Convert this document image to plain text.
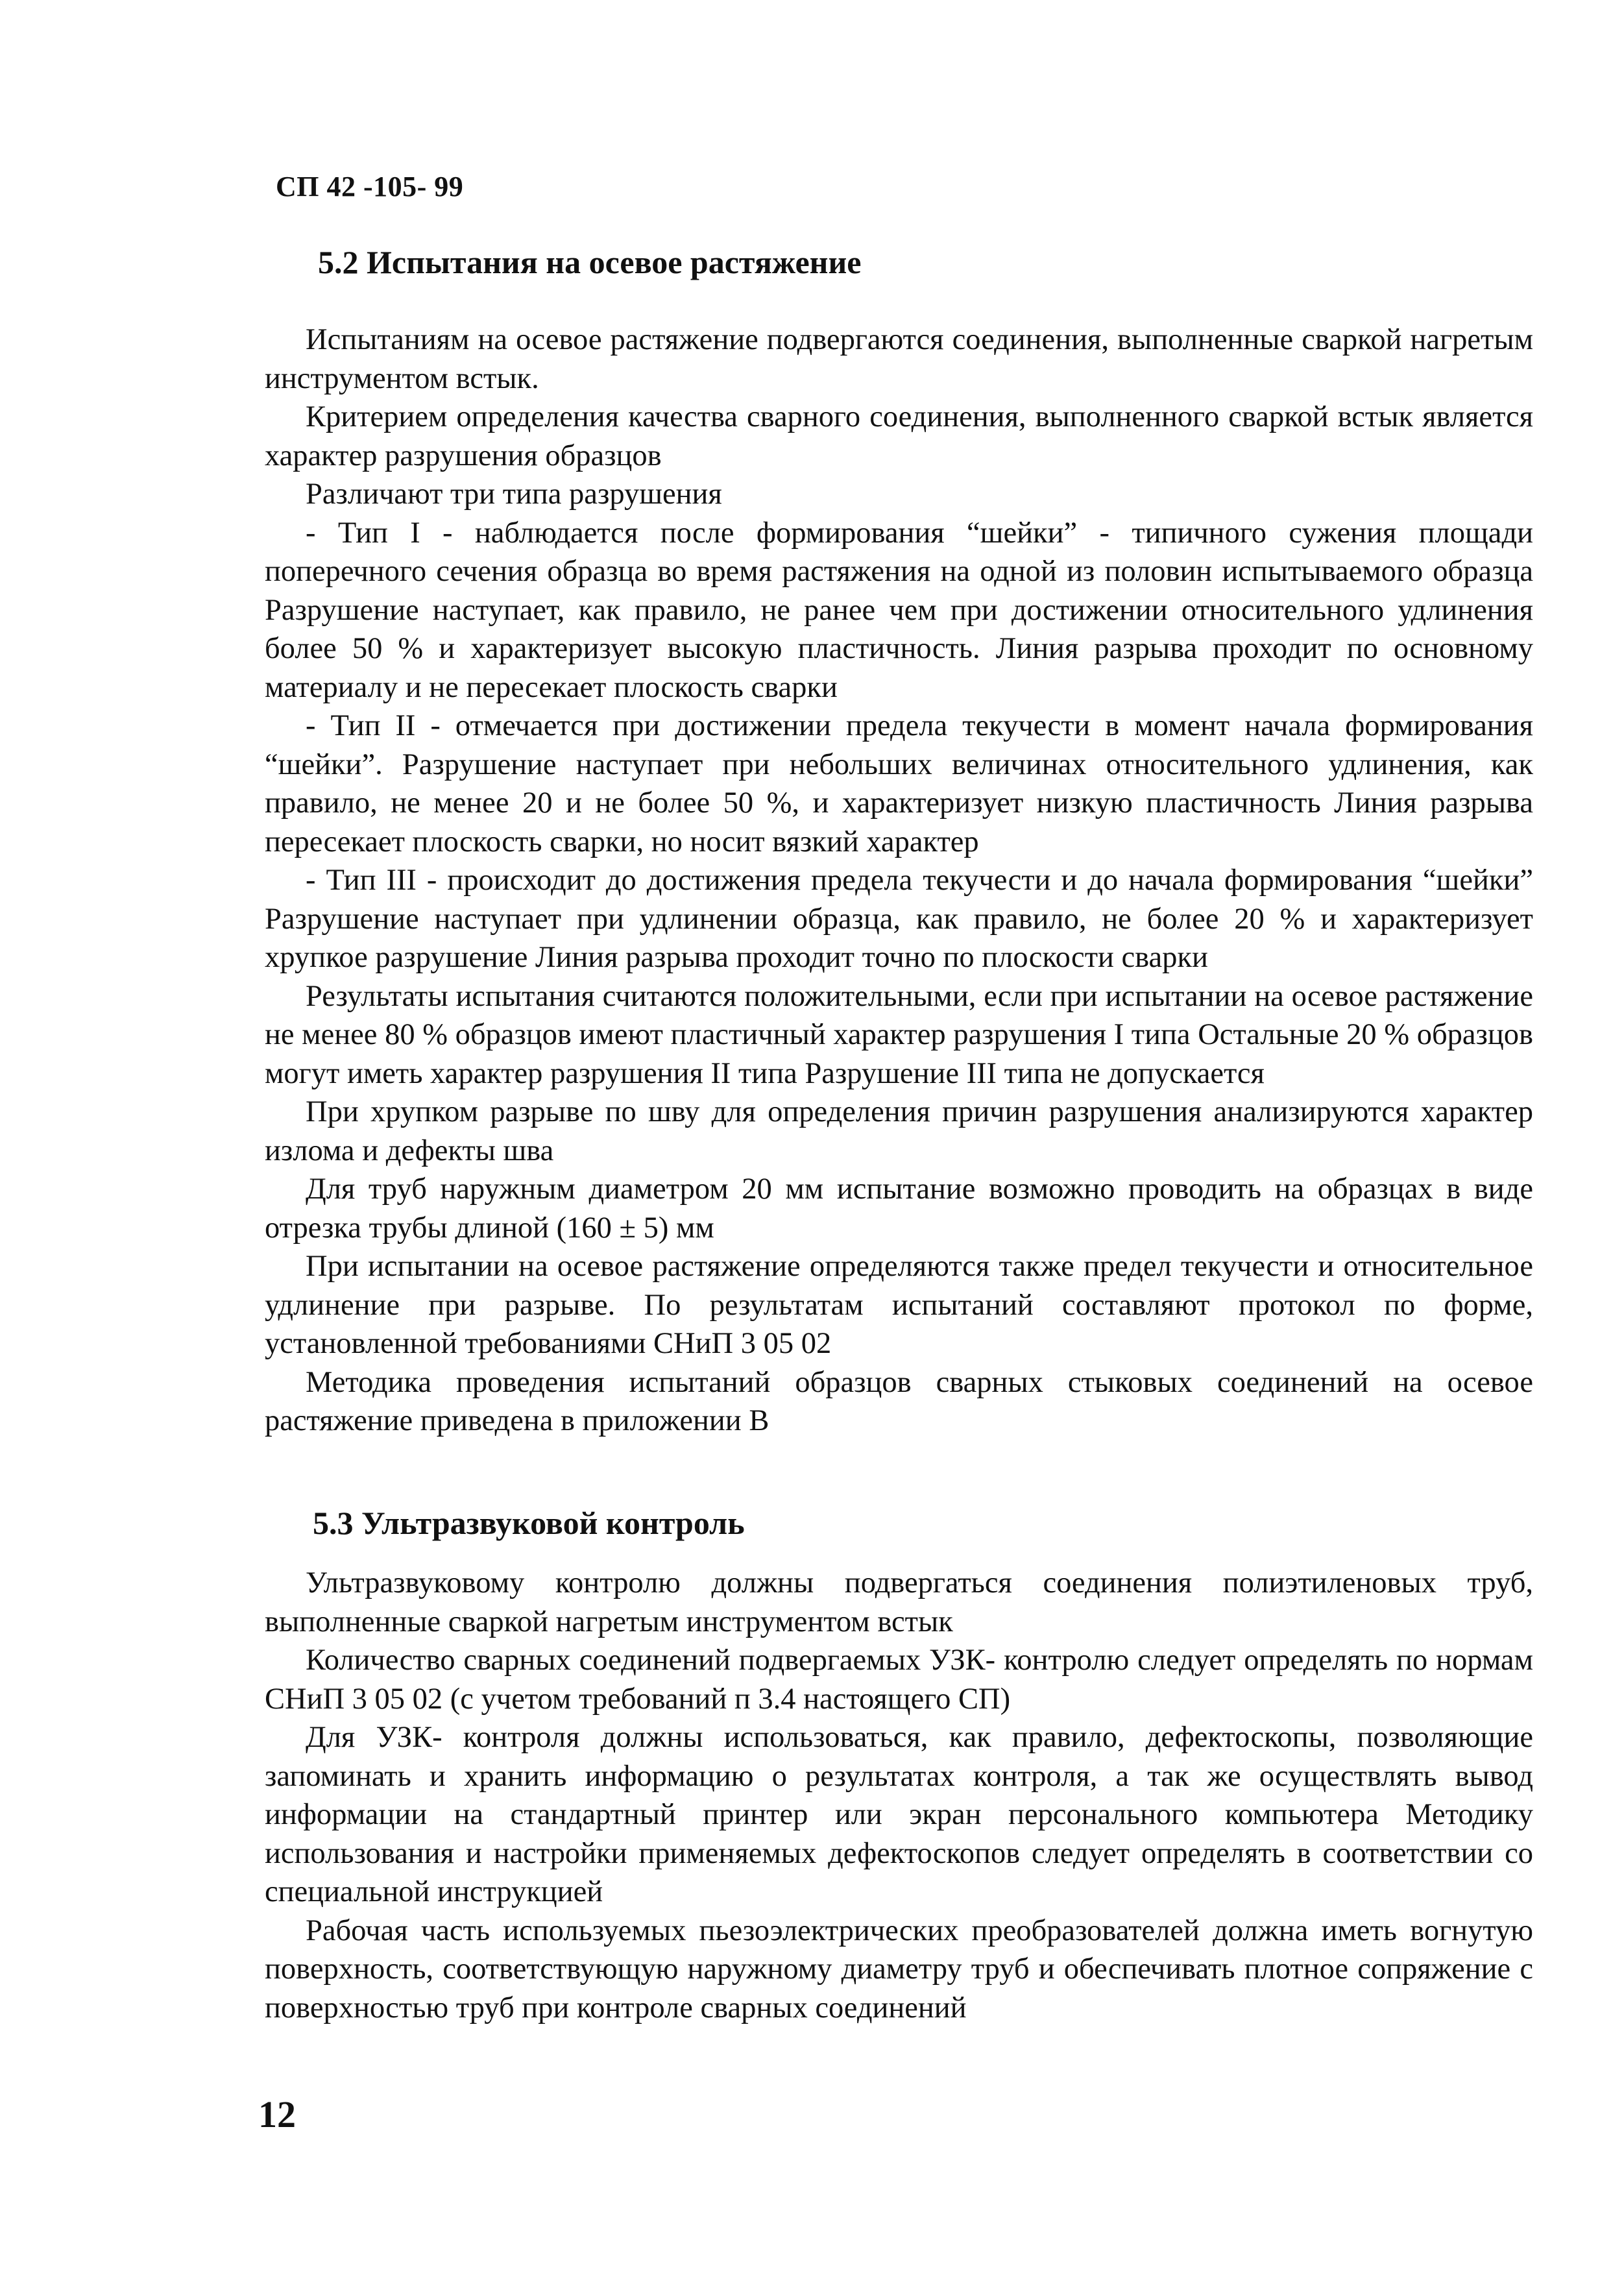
СП 42 -105- 99
5.2 Испытания на осевое растяжение

Испытаниям на осевое растяжение подвергаются соединения, выполненные сваркой нагретым инструментом встык.

Критерием определения качества сварного соединения, выполненного сваркой встык является характер разрушения образцов

Различают три типа разрушения

- Тип I - наблюдается после формирования “шейки” - типичного сужения площади поперечного сечения образца во время растяжения на одной из половин испытываемого образца Разрушение наступает, как правило, не ранее чем при достижении относительного удлинения более 50 % и характеризует высокую пластичность. Линия разрыва проходит по основному материалу и не пересекает плоскость сварки

- Тип II - отмечается при достижении предела текучести в момент начала формирования “шейки”. Разрушение наступает при небольших величинах относительного удлинения, как правило, не менее 20 и не более 50 %, и характеризует низкую пластичность Линия разрыва пересекает плоскость сварки, но носит вязкий характер

- Тип III - происходит до достижения предела текучести и до начала формирования “шейки” Разрушение наступает при удлинении образца, как правило, не более 20 % и характеризует хрупкое разрушение Линия разрыва проходит точно по плоскости сварки

Результаты испытания считаются положительными, если при испытании на осевое растяжение не менее 80 % образцов имеют пластичный характер разрушения I типа Остальные 20 % образцов могут иметь характер разрушения II типа Разрушение III типа не допускается

При хрупком разрыве по шву для определения причин разрушения анализируются характер излома и дефекты шва

Для труб наружным диаметром 20 мм испытание возможно проводить на образцах в виде отрезка трубы длиной (160 ± 5) мм

При испытании на осевое растяжение определяются также предел текучести и относительное удлинение при разрыве. По результатам испытаний составляют протокол по форме, установленной требованиями СНиП 3 05 02

Методика проведения испытаний образцов сварных стыковых соединений на осевое растяжение приведена в приложении В

5.3 Ультразвуковой контроль

Ультразвуковому контролю должны подвергаться соединения полиэтиленовых труб, выполненные сваркой нагретым инструментом встык

Количество сварных соединений подвергаемых УЗК- контролю следует определять по нормам СНиП 3 05 02 (с учетом требований п 3.4 настоящего СП)

Для УЗК- контроля должны использоваться, как правило, дефектоскопы, позволяющие запоминать и хранить информацию о результатах контроля, а так же осуществлять вывод информации на стандартный принтер или экран персонального компьютера Методику использования и настройки применяемых дефектоскопов следует определять в соответствии со специальной инструкцией

Рабочая часть используемых пьезоэлектрических преобразователей должна иметь вогнутую поверхность, соответствующую наружному диаметру труб и обеспечивать плотное сопряжение с поверхностью труб при контроле сварных соединений

12
